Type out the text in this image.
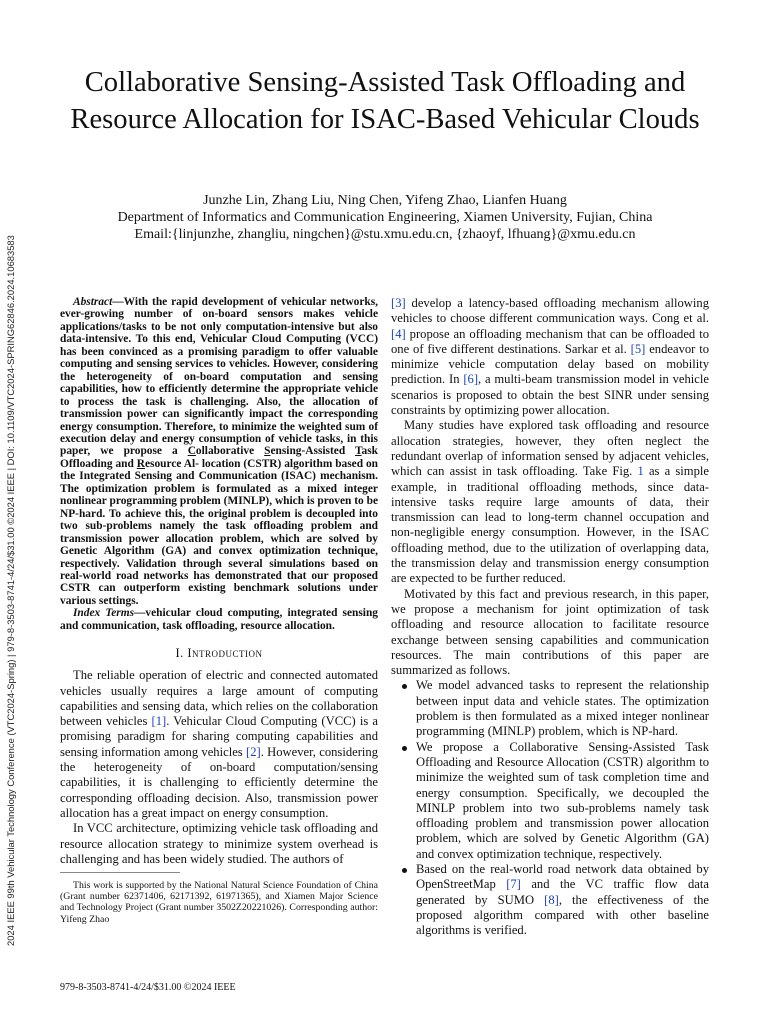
2024 IEEE 99th Vehicular Technology Conference (VTC2024-Spring) | 979-8-3503-8741-4/24/$31.00 ©2024 IEEE | DOI: 10.1109/VTC2024-SPRING62846.2024.10683583
Collaborative Sensing-Assisted Task Offloading and Resource Allocation for ISAC-Based Vehicular Clouds
Junzhe Lin, Zhang Liu, Ning Chen, Yifeng Zhao, Lianfen Huang
Department of Informatics and Communication Engineering, Xiamen University, Fujian, China
Email:{linjunzhe, zhangliu, ningchen}@stu.xmu.edu.cn, {zhaoyf, lfhuang}@xmu.edu.cn

Abstract—With the rapid development of vehicular networks, ever-growing number of on-board sensors makes vehicle applications/tasks to be not only computation-intensive but also data-intensive. To this end, Vehicular Cloud Computing (VCC) has been convinced as a promising paradigm to offer valuable computing and sensing services to vehicles. However, considering the heterogeneity of on-board computation and sensing capabilities, how to efficiently determine the appropriate vehicle to process the task is challenging. Also, the allocation of transmission power can significantly impact the corresponding energy consumption. Therefore, to minimize the weighted sum of execution delay and energy consumption of vehicle tasks, in this paper, we propose a Collaborative Sensing-Assisted Task Offloading and Resource Al- location (CSTR) algorithm based on the Integrated Sensing and Communication (ISAC) mechanism. The optimization problem is formulated as a mixed integer nonlinear programming problem (MINLP), which is proven to be NP-hard. To achieve this, the original problem is decoupled into two sub-problems namely the task offloading problem and transmission power allocation problem, which are solved by Genetic Algorithm (GA) and convex optimization technique, respectively. Validation through several simulations based on real-world road networks has demonstrated that our proposed CSTR can outperform existing benchmark solutions under various settings.

Index Terms—vehicular cloud computing, integrated sensing and communication, task offloading, resource allocation.

I. Introduction

The reliable operation of electric and connected automated vehicles usually requires a large amount of computing capabilities and sensing data, which relies on the collaboration between vehicles [1]. Vehicular Cloud Computing (VCC) is a promising paradigm for sharing computing capabilities and sensing information among vehicles [2]. However, considering the heterogeneity of on-board computation/sensing capabilities, it is challenging to efficiently determine the corresponding offloading decision. Also, transmission power allocation has a great impact on energy consumption.

In VCC architecture, optimizing vehicle task offloading and resource allocation strategy to minimize system overhead is challenging and has been widely studied. The authors of

This work is supported by the National Natural Science Foundation of China (Grant number 62371406, 62171392, 61971365), and Xiamen Major Science and Technology Project (Grant number 3502Z20221026). Corresponding author: Yifeng Zhao

[3] develop a latency-based offloading mechanism allowing vehicles to choose different communication ways. Cong et al. [4] propose an offloading mechanism that can be offloaded to one of five different destinations. Sarkar et al. [5] endeavor to minimize vehicle computation delay based on mobility prediction. In [6], a multi-beam transmission model in vehicle scenarios is proposed to obtain the best SINR under sensing constraints by optimizing power allocation.

Many studies have explored task offloading and resource allocation strategies, however, they often neglect the redundant overlap of information sensed by adjacent vehicles, which can assist in task offloading. Take Fig. 1 as a simple example, in traditional offloading methods, since data-intensive tasks require large amounts of data, their transmission can lead to long-term channel occupation and non-negligible energy consumption. However, in the ISAC offloading method, due to the utilization of overlapping data, the transmission delay and transmission energy consumption are expected to be further reduced.

Motivated by this fact and previous research, in this paper, we propose a mechanism for joint optimization of task offloading and resource allocation to facilitate resource exchange between sensing capabilities and communication resources. The main contributions of this paper are summarized as follows.

We model advanced tasks to represent the relationship between input data and vehicle states. The optimization problem is then formulated as a mixed integer nonlinear programming (MINLP) problem, which is NP-hard.
We propose a Collaborative Sensing-Assisted Task Offloading and Resource Allocation (CSTR) algorithm to minimize the weighted sum of task completion time and energy consumption. Specifically, we decoupled the MINLP problem into two sub-problems namely task offloading problem and transmission power allocation problem, which are solved by Genetic Algorithm (GA) and convex optimization technique, respectively.
Based on the real-world road network data obtained by OpenStreetMap [7] and the VC traffic flow data generated by SUMO [8], the effectiveness of the proposed algorithm compared with other baseline algorithms is verified.
979-8-3503-8741-4/24/$31.00 ©2024 IEEE
